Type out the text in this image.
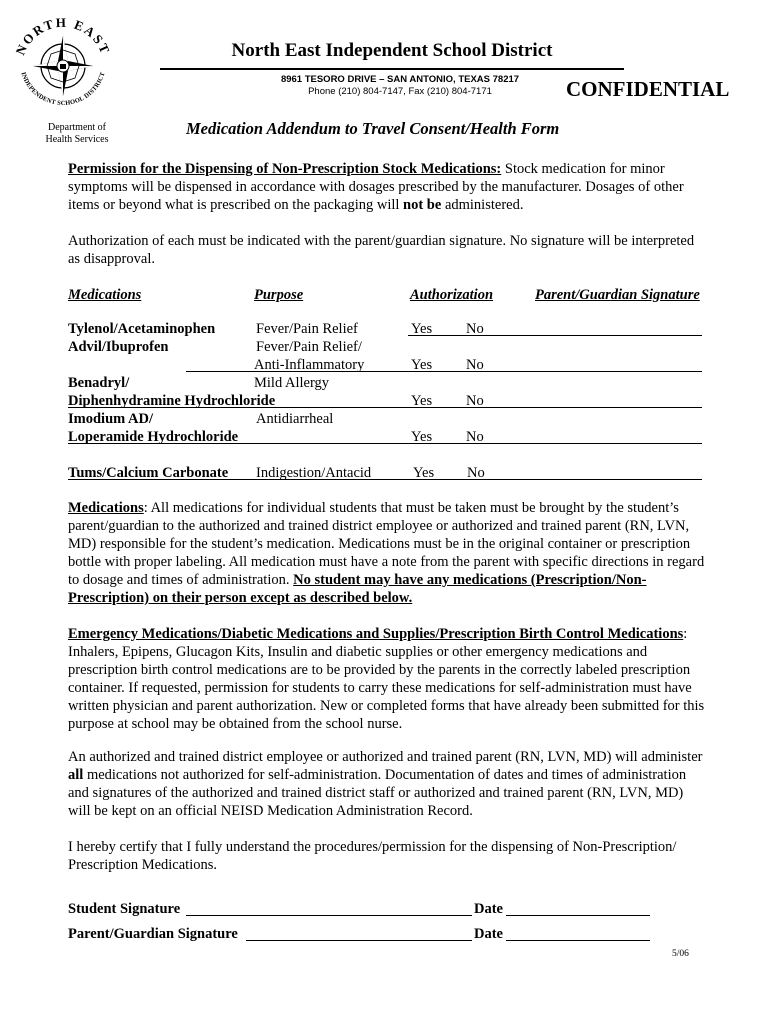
NORTH EAST
INDEPENDENT SCHOOL DISTRICT
North East Independent School District
8961 TESORO DRIVE – SAN ANTONIO, TEXAS 78217
Phone (210) 804-7147, Fax (210) 804-7171	CONFIDENTIAL
Department of
Health Services
Medication Addendum to Travel Consent/Health Form
Permission for the Dispensing of Non-Prescription Stock Medications: Stock medication for minor symptoms will be dispensed in accordance with dosages prescribed by the manufacturer. Dosages of other items or beyond what is prescribed on the packaging will not be administered.
Authorization of each must be indicated with the parent/guardian signature. No signature will be interpreted as disapproval.
Medications	Purpose	Authorization	Parent/Guardian Signature
Tylenol/Acetaminophen	Fever/Pain Relief	Yes No
Advil/Ibuprofen	Fever/Pain Relief/
Anti-Inflammatory	Yes No
Benadryl/	Mild Allergy
Diphenhydramine Hydrochloride	Yes No
Imodium AD/	Antidiarrheal
Loperamide Hydrochloride	Yes No
Tums/Calcium Carbonate Indigestion/Antacid	Yes No
Medications: All medications for individual students that must be taken must be brought by the student’s parent/guardian to the authorized and trained district employee or authorized and trained parent (RN, LVN, MD) responsible for the student’s medication. Medications must be in the original container or prescription bottle with proper labeling. All medication must have a note from the parent with specific directions in regard to dosage and times of administration. No student may have any medications (Prescription/Non-Prescription) on their person except as described below.
Emergency Medications/Diabetic Medications and Supplies/Prescription Birth Control Medications: Inhalers, Epipens, Glucagon Kits, Insulin and diabetic supplies or other emergency medications and prescription birth control medications are to be provided by the parents in the correctly labeled prescription container. If requested, permission for students to carry these medications for self-administration must have written physician and parent authorization. New or completed forms that have already been submitted for this purpose at school may be obtained from the school nurse.
An authorized and trained district employee or authorized and trained parent (RN, LVN, MD) will administer all medications not authorized for self-administration. Documentation of dates and times of administration and signatures of the authorized and trained district staff or authorized and trained parent (RN, LVN, MD) will be kept on an official NEISD Medication Administration Record.
I hereby certify that I fully understand the procedures/permission for the dispensing of Non-Prescription/ Prescription Medications.
Student Signature	Date
Parent/Guardian Signature	Date
5/06
